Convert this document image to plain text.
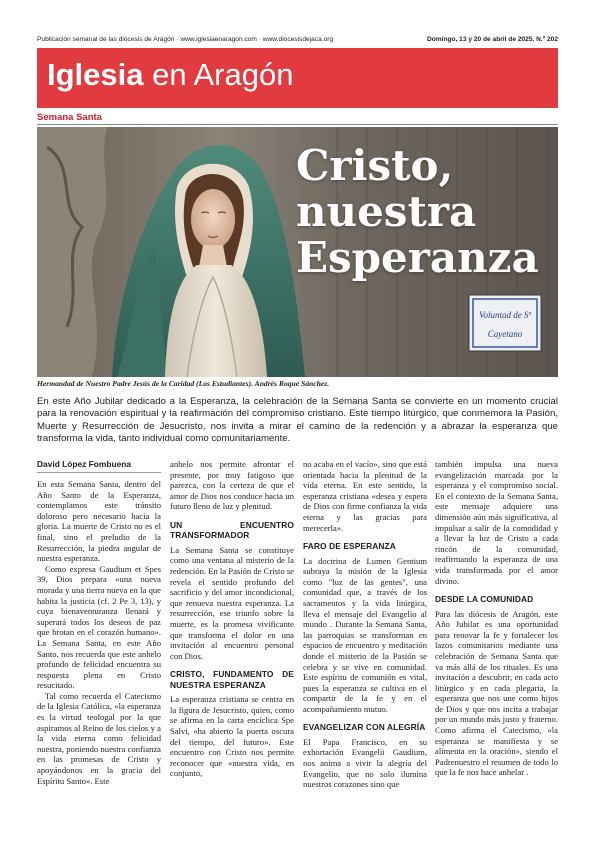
Publicación semanal de las diócesis de Aragón · www.iglesiaenaragon.com · www.diocesisdejaca.org	Domingo, 13 y 20 de abril de 2025. N.º 202
Iglesia en Aragón
Semana Santa
Voluntad de Sª
Cayetano
Cristo,
nuestra
Esperanza
Hermandad de Nuestro Padre Jesús de la Caridad (Los Estudiantes). Andrés Roque Sánchez.
En este Año Jubilar dedicado a la Esperanza, la celebración de la Semana Santa se convierte en un momento crucial para la renovación espiritual y la reafirmación del compromiso cristiano. Este tiempo litúrgico, que conmemora la Pasión, Muerte y Resurrección de Jesucristo, nos invita a mirar el camino de la redención y a abrazar la esperanza que transforma la vida, tanto individual como comunitariamente.
David López Fombuena

En esta Semana Santa, dentro del Año Santo de la Esperanza, contemplamos este tránsito doloroso pero necesario hacia la gloria. La muerte de Cristo no es el final, sino el preludio de la Resurrección, la piedra angular de nuestra esperanza.

Como expresa Gaudium et Spes 39, Dios prepara «una nueva morada y una tierra nueva en la que habita la justicia (cf. 2 Pe 3, 13), y cuya bienaventuranza llenará y superará todos los deseos de paz que brotan en el corazón humano». La Semana Santa, en este Año Santo, nos recuerda que este anhelo profundo de felicidad encuentra su respuesta plena en Cristo resucitado.

Tal como recuerda el Catecismo de la Iglesia Católica, «la esperanza es la virtud teologal por la que aspiramos al Reino de los cielos y a la vida eterna como felicidad nuestra, poniendo nuestra confianza en las promesas de Cristo y apoyándonos en la gracia del Espíritu Santo». Este

anhelo nos permite afrontar el presente, por muy fatigoso que parezca, con la certeza de que el amor de Dios nos conduce hacia un futuro lleno de luz y plenitud.

UN ENCUENTRO TRANSFORMADOR

La Semana Santa se constituye como una ventana al misterio de la redención. En la Pasión de Cristo se revela el sentido profundo del sacrificio y del amor incondicional, que renueva nuestra esperanza. La resurrección, ese triunfo sobre la muerte, es la promesa vivificante que transforma el dolor en una invitación al encuentro personal con Dios.

CRISTO, FUNDAMENTO DE NUESTRA ESPERANZA

La esperanza cristiana se centra en la figura de Jesucristo, quien, como se afirma en la carta encíclica Spe Salvi, «ha abierto la puerta oscura del tiempo, del futuro». Este encuentro con Cristo nos permite reconocer que «nuestra vida, en conjunto,

no acaba en el vacío», sino que está orientada hacia la plenitud de la vida eterna. En este sentido, la esperanza cristiana «desea y espera de Dios con firme confianza la vida eterna y las gracias para merecerla».

FARO DE ESPERANZA

La doctrina de Lumen Gentium subraya la misión de la Iglesia como "luz de las gentes", una comunidad que, a través de los sacramentos y la vida litúrgica, lleva el mensaje del Evangelio al mundo . Durante la Semana Santa, las parroquias se transforman en espacios de encuentro y meditación donde el misterio de la Pasión se celebra y se vive en comunidad. Este espíritu de comunión es vital, pues la esperanza se cultiva en el compartir de la fe y en el acompañamiento mutuo.

EVANGELIZAR CON ALEGRÍA

El Papa Francisco, en su exhortación Evangelii Gaudium, nos anima a vivir la alegría del Evangelio, que no solo ilumina nuestros corazones sino que

también impulsa una nueva evangelización marcada por la esperanza y el compromiso social. En el contexto de la Semana Santa, este mensaje adquiere una dimensión aún más significativa, al impulsar a salir de la comodidad y a llevar la luz de Cristo a cada rincón de la comunidad, reafirmando la esperanza de una vida transformada por el amor divino.

DESDE LA COMUNIDAD

Para las diócesis de Aragón, este Año Jubilar es una oportunidad para renovar la fe y fortalecer los lazos comunitarios mediante una celebración de Semana Santa que va más allá de los rituales. Es una invitación a descubrir, en cada acto litúrgico y en cada plegaria, la esperanza que nos une como hijos de Dios y que nos incita a trabajar por un mundo más justo y fraterno. Como afirma el Catecismo, «la esperanza se manifiesta y se alimenta en la oración», siendo el Padrenuestro el resumen de todo lo que la fe nos hace anhelar .
